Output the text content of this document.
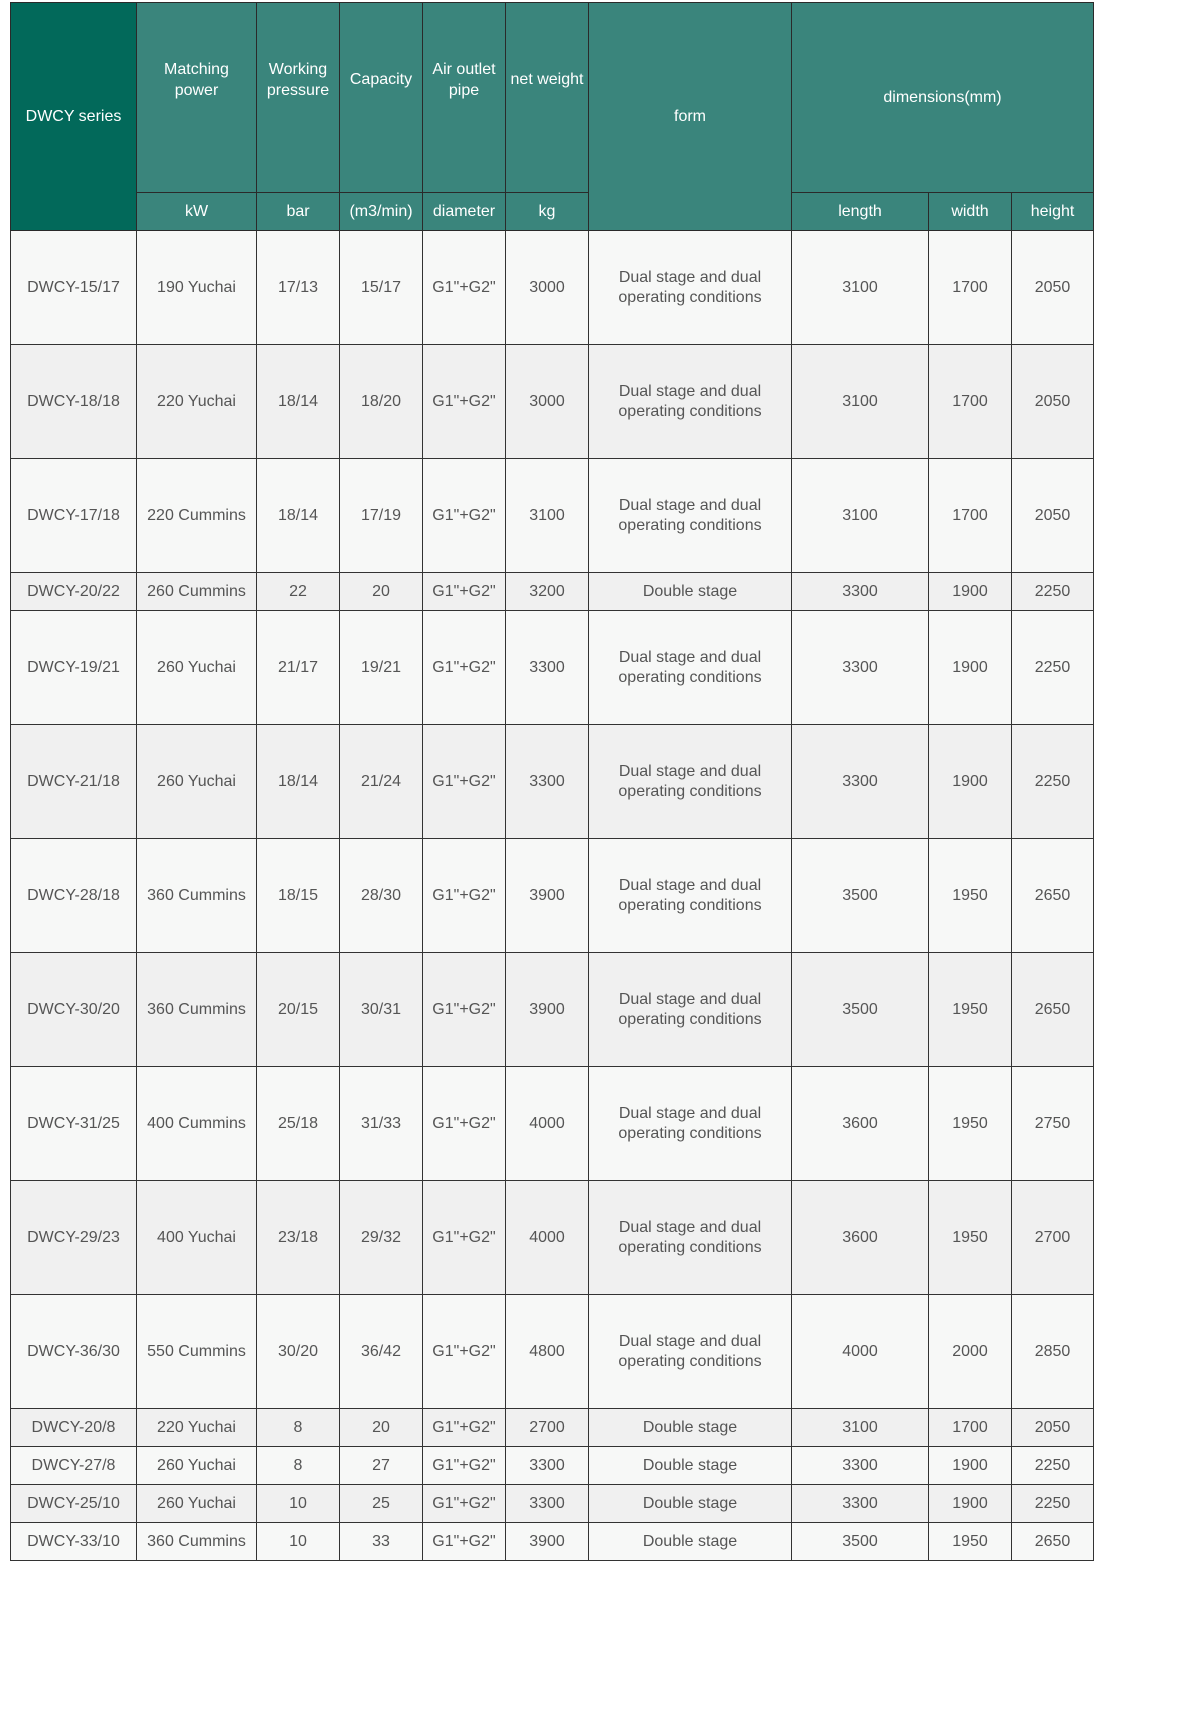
DWCY series	Matching power	Working pressure	Capacity	Air outlet pipe	net weight	form	dimensions(mm)		
	kW	bar	(m3/min)	diameter	kg		length	width	height
DWCY-15/17	190 Yuchai	17/13	15/17	G1"+G2"	3000	Dual stage and dual operating conditions	3100	1700	2050
DWCY-18/18	220 Yuchai	18/14	18/20	G1"+G2"	3000	Dual stage and dual operating conditions	3100	1700	2050
DWCY-17/18	220 Cummins	18/14	17/19	G1"+G2"	3100	Dual stage and dual operating conditions	3100	1700	2050
DWCY-20/22	260 Cummins	22	20	G1"+G2"	3200	Double stage	3300	1900	2250
DWCY-19/21	260 Yuchai	21/17	19/21	G1"+G2"	3300	Dual stage and dual operating conditions	3300	1900	2250
DWCY-21/18	260 Yuchai	18/14	21/24	G1"+G2"	3300	Dual stage and dual operating conditions	3300	1900	2250
DWCY-28/18	360 Cummins	18/15	28/30	G1"+G2"	3900	Dual stage and dual operating conditions	3500	1950	2650
DWCY-30/20	360 Cummins	20/15	30/31	G1"+G2"	3900	Dual stage and dual operating conditions	3500	1950	2650
DWCY-31/25	400 Cummins	25/18	31/33	G1"+G2"	4000	Dual stage and dual operating conditions	3600	1950	2750
DWCY-29/23	400 Yuchai	23/18	29/32	G1"+G2"	4000	Dual stage and dual operating conditions	3600	1950	2700
DWCY-36/30	550 Cummins	30/20	36/42	G1"+G2"	4800	Dual stage and dual operating conditions	4000	2000	2850
DWCY-20/8	220 Yuchai	8	20	G1"+G2"	2700	Double stage	3100	1700	2050
DWCY-27/8	260 Yuchai	8	27	G1"+G2"	3300	Double stage	3300	1900	2250
DWCY-25/10	260 Yuchai	10	25	G1"+G2"	3300	Double stage	3300	1900	2250
DWCY-33/10	360 Cummins	10	33	G1"+G2"	3900	Double stage	3500	1950	2650
